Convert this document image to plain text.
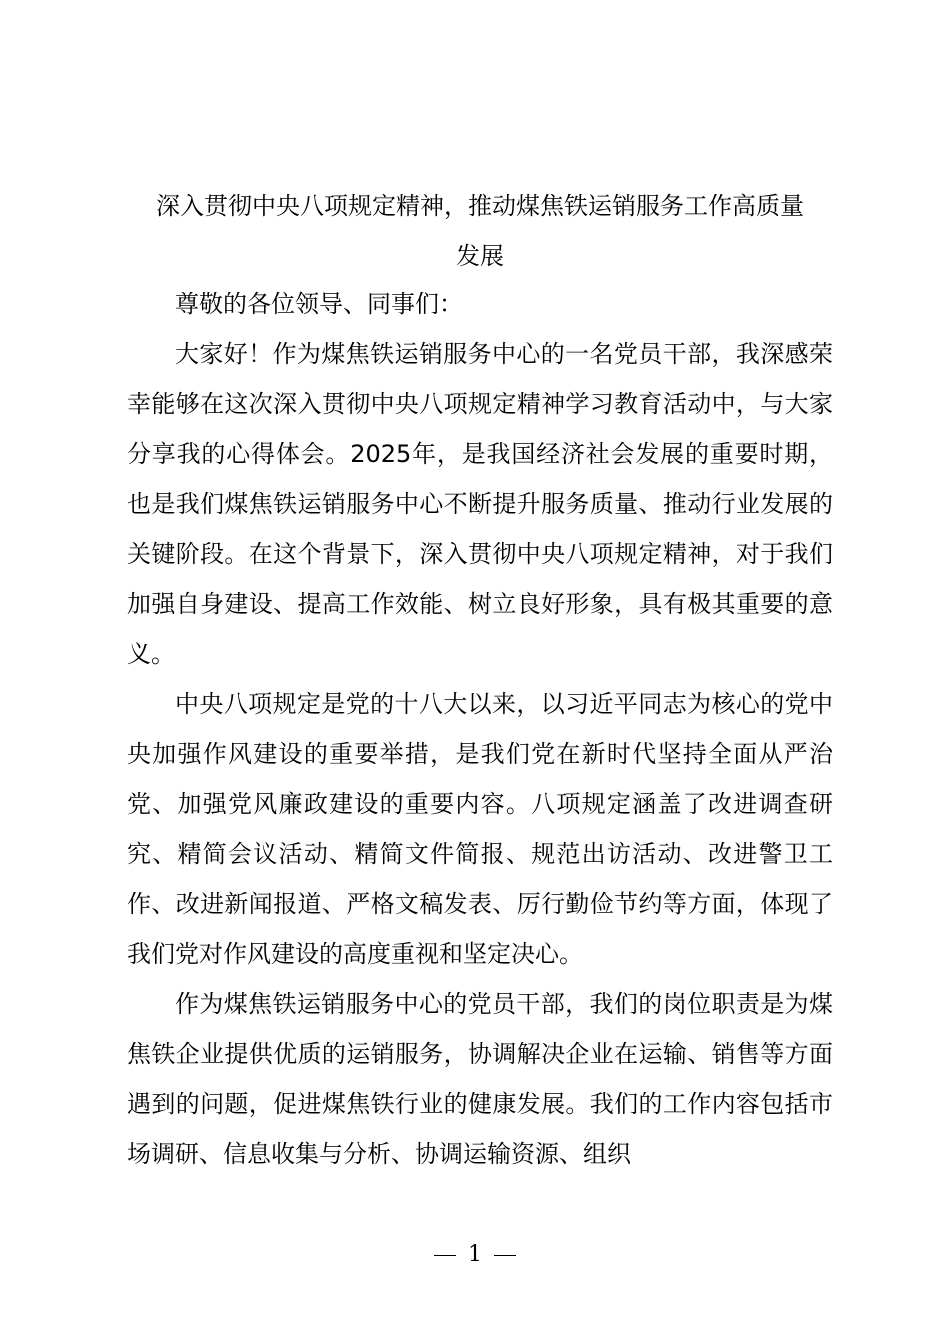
深入贯彻中央八项规定精神，推动煤焦铁运销服务工作高质量
发展

尊敬的各位领导、同事们：

大家好！作为煤焦铁运销服务中心的一名党员干部，我深感荣幸能够在这次深入贯彻中央八项规定精神学习教育活动中，与大家分享我的心得体会。2025年，是我国经济社会发展的重要时期，也是我们煤焦铁运销服务中心不断提升服务质量、推动行业发展的关键阶段。在这个背景下，深入贯彻中央八项规定精神，对于我们加强自身建设、提高工作效能、树立良好形象，具有极其重要的意义。

中央八项规定是党的十八大以来，以习近平同志为核心的党中央加强作风建设的重要举措，是我们党在新时代坚持全面从严治党、加强党风廉政建设的重要内容。八项规定涵盖了改进调查研究、精简会议活动、精简文件简报、规范出访活动、改进警卫工作、改进新闻报道、严格文稿发表、厉行勤俭节约等方面，体现了我们党对作风建设的高度重视和坚定决心。

作为煤焦铁运销服务中心的党员干部，我们的岗位职责是为煤焦铁企业提供优质的运销服务，协调解决企业在运输、销售等方面遇到的问题，促进煤焦铁行业的健康发展。我们的工作内容包括市场调研、信息收集与分析、协调运输资源、组织

1
